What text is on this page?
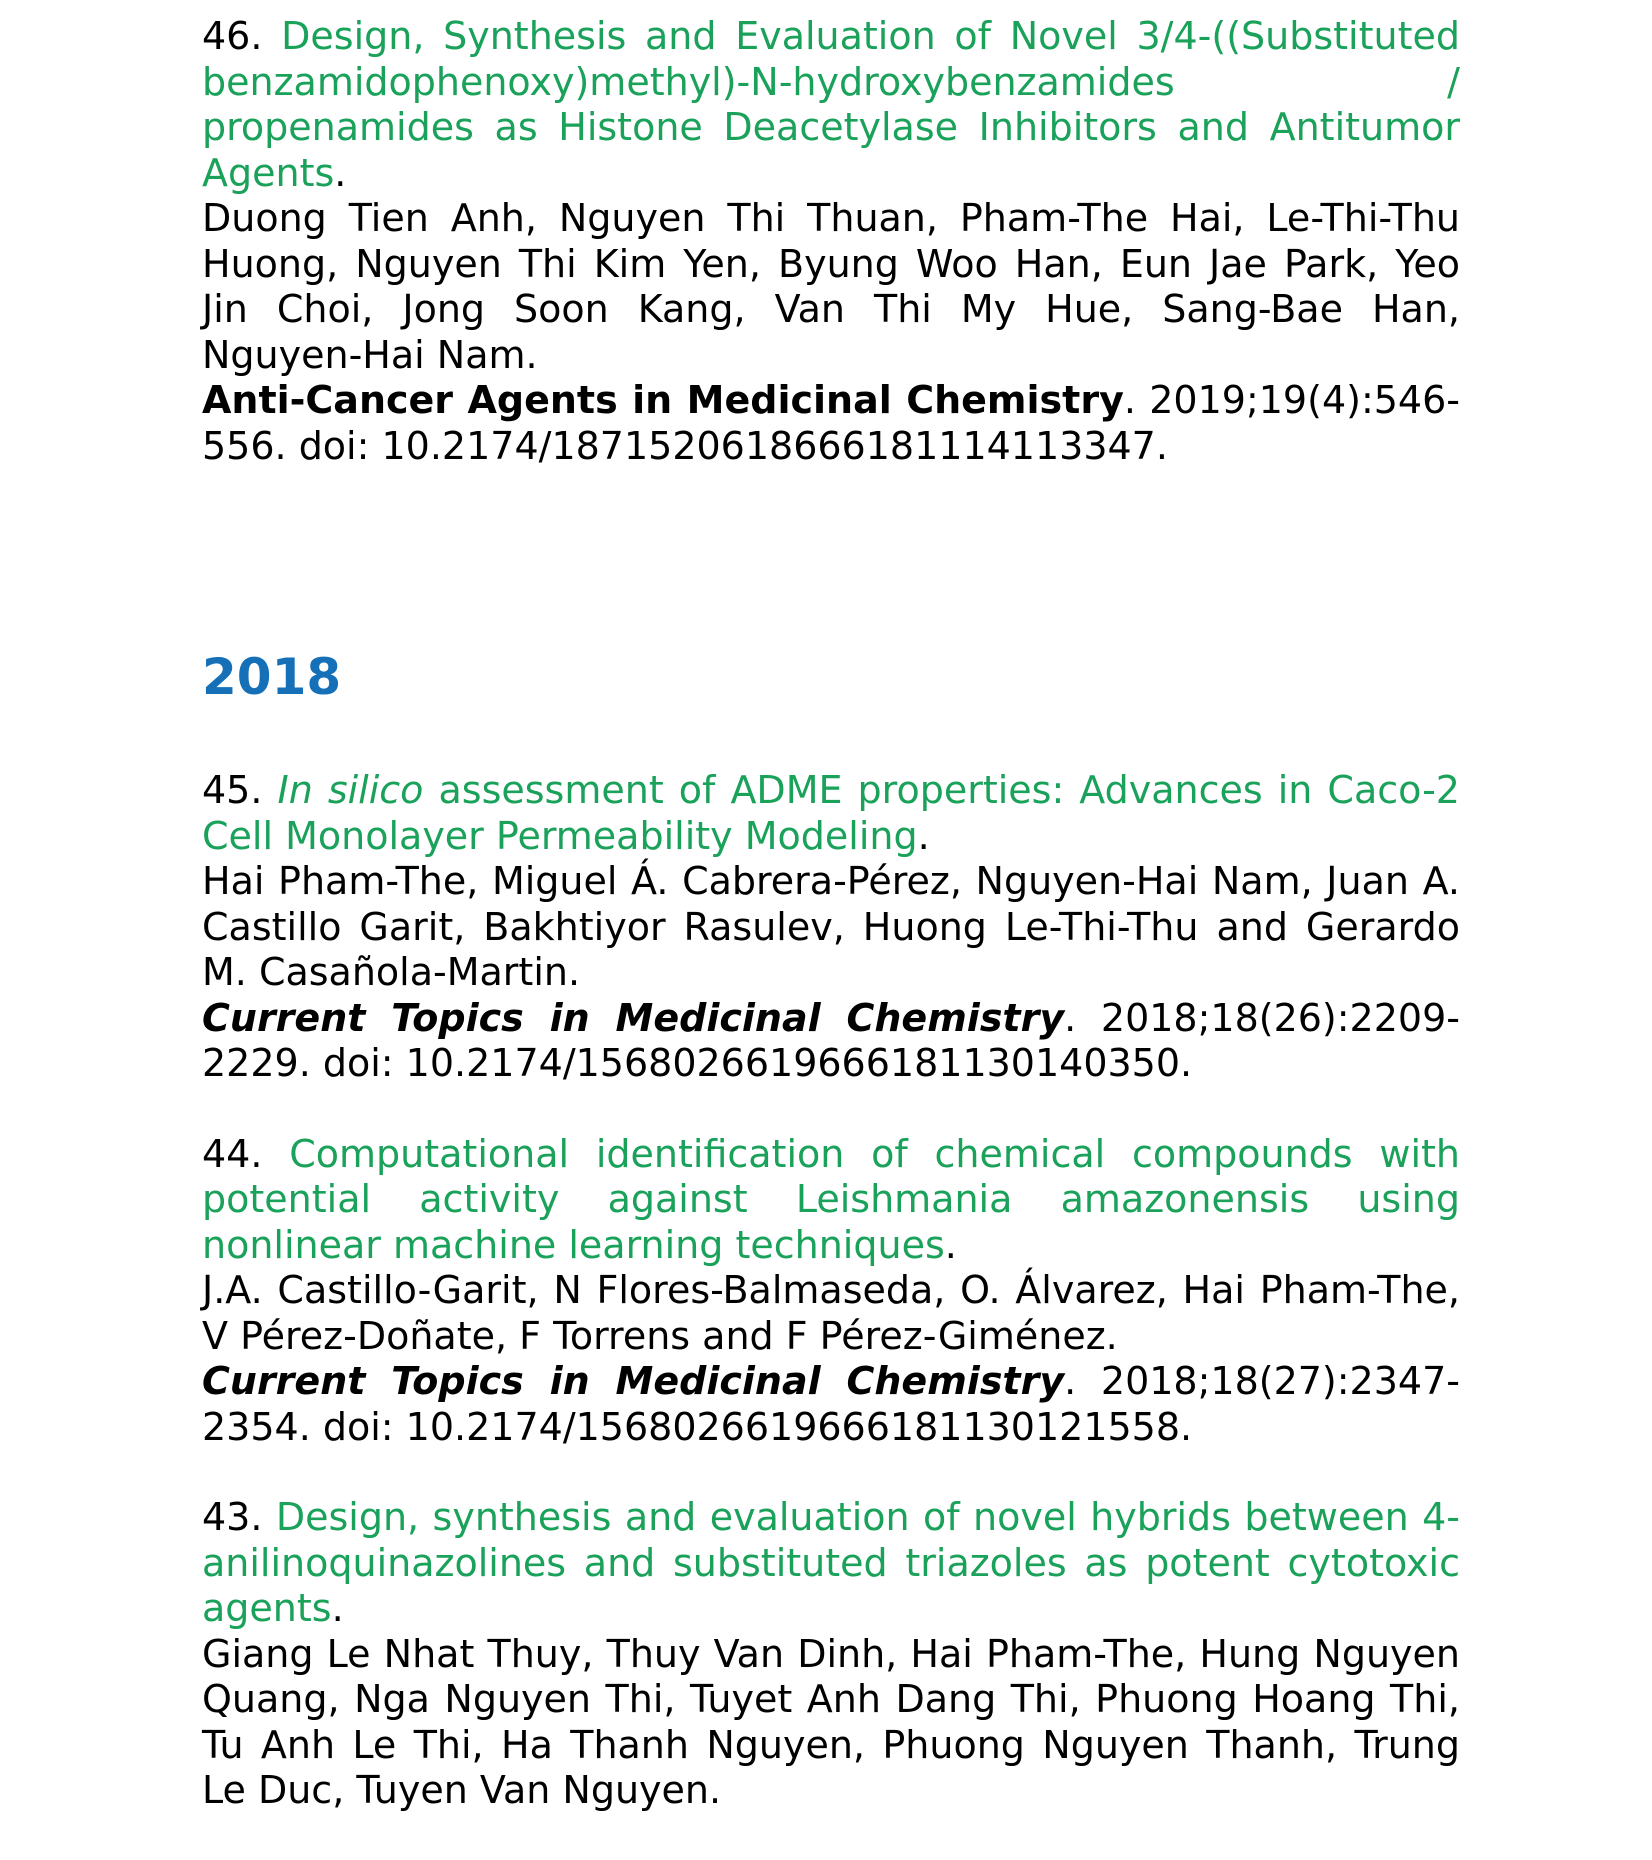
46. Design, Synthesis and Evaluation of Novel 3/4-((Substituted benzamidophenoxy)methyl)-N-hydroxybenzamides / propenamides as Histone Deacetylase Inhibitors and Antitumor Agents.

Duong Tien Anh, Nguyen Thi Thuan, Pham-The Hai, Le-Thi-Thu Huong, Nguyen Thi Kim Yen, Byung Woo Han, Eun Jae Park, Yeo Jin Choi, Jong Soon Kang, Van Thi My Hue, Sang-Bae Han, Nguyen-Hai Nam.

Anti-Cancer Agents in Medicinal Chemistry. 2019;19(4):546-556. doi: 10.2174/1871520618666181114113347.

2018

45. In silico assessment of ADME properties: Advances in Caco-2 Cell Monolayer Permeability Modeling.

Hai Pham-The, Miguel Á. Cabrera-Pérez, Nguyen-Hai Nam, Juan A. Castillo Garit, Bakhtiyor Rasulev, Huong Le-Thi-Thu and Gerardo M. Casañola-Martin.

Current Topics in Medicinal Chemistry. 2018;18(26):2209-2229. doi: 10.2174/1568026619666181130140350.

44. Computational identification of chemical compounds with potential activity against Leishmania amazonensis using nonlinear machine learning techniques.

J.A. Castillo-Garit, N Flores-Balmaseda, O. Álvarez, Hai Pham-The, V Pérez-Doñate, F Torrens and F Pérez-Giménez.

Current Topics in Medicinal Chemistry. 2018;18(27):2347-2354. doi: 10.2174/1568026619666181130121558.

43. Design, synthesis and evaluation of novel hybrids between 4-anilinoquinazolines and substituted triazoles as potent cytotoxic agents.

Giang Le Nhat Thuy, Thuy Van Dinh, Hai Pham-The, Hung Nguyen Quang, Nga Nguyen Thi, Tuyet Anh Dang Thi, Phuong Hoang Thi, Tu Anh Le Thi, Ha Thanh Nguyen, Phuong Nguyen Thanh, Trung Le Duc, Tuyen Van Nguyen.
